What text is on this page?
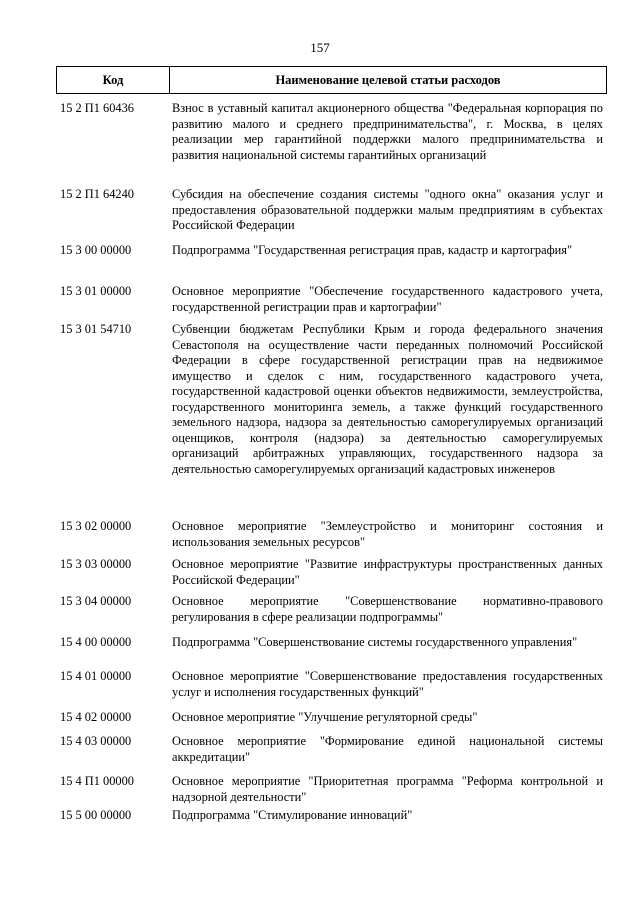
157
Код	Наименование целевой статьи расходов
15 2 П1 60436	Взнос в уставный капитал акционерного общества "Федеральная корпорация по развитию малого и среднего предпринимательства", г. Москва, в целях реализации мер гарантийной поддержки малого предпринимательства и развития национальной системы гарантийных организаций
15 2 П1 64240	Субсидия на обеспечение создания системы "одного окна" оказания услуг и предоставления образовательной поддержки малым предприятиям в субъектах Российской Федерации
15 3 00 00000	Подпрограмма "Государственная регистрация прав, кадастр и картография"
15 3 01 00000	Основное мероприятие "Обеспечение государственного кадастрового учета, государственной регистрации прав и картографии"
15 3 01 54710	Субвенции бюджетам Республики Крым и города федерального значения Севастополя на осуществление части переданных полномочий Российской Федерации в сфере государственной регистрации прав на недвижимое имущество и сделок с ним, государственного кадастрового учета, государственной кадастровой оценки объектов недвижимости, землеустройства, государственного мониторинга земель, а также функций государственного земельного надзора, надзора за деятельностью саморегулируемых организаций оценщиков, контроля (надзора) за деятельностью саморегулируемых организаций арбитражных управляющих, государственного надзора за деятельностью саморегулируемых организаций кадастровых инженеров
15 3 02 00000	Основное мероприятие "Землеустройство и мониторинг состояния и использования земельных ресурсов"
15 3 03 00000	Основное мероприятие "Развитие инфраструктуры пространственных данных Российской Федерации"
15 3 04 00000	Основное мероприятие "Совершенствование нормативно-правового регулирования в сфере реализации подпрограммы"
15 4 00 00000	Подпрограмма "Совершенствование системы государственного управления"
15 4 01 00000	Основное мероприятие "Совершенствование предоставления государственных услуг и исполнения государственных функций"
15 4 02 00000	Основное мероприятие "Улучшение регуляторной среды"
15 4 03 00000	Основное мероприятие "Формирование единой национальной системы аккредитации"
15 4 П1 00000	Основное мероприятие "Приоритетная программа "Реформа контрольной и надзорной деятельности"
15 5 00 00000	Подпрограмма "Стимулирование инноваций"
